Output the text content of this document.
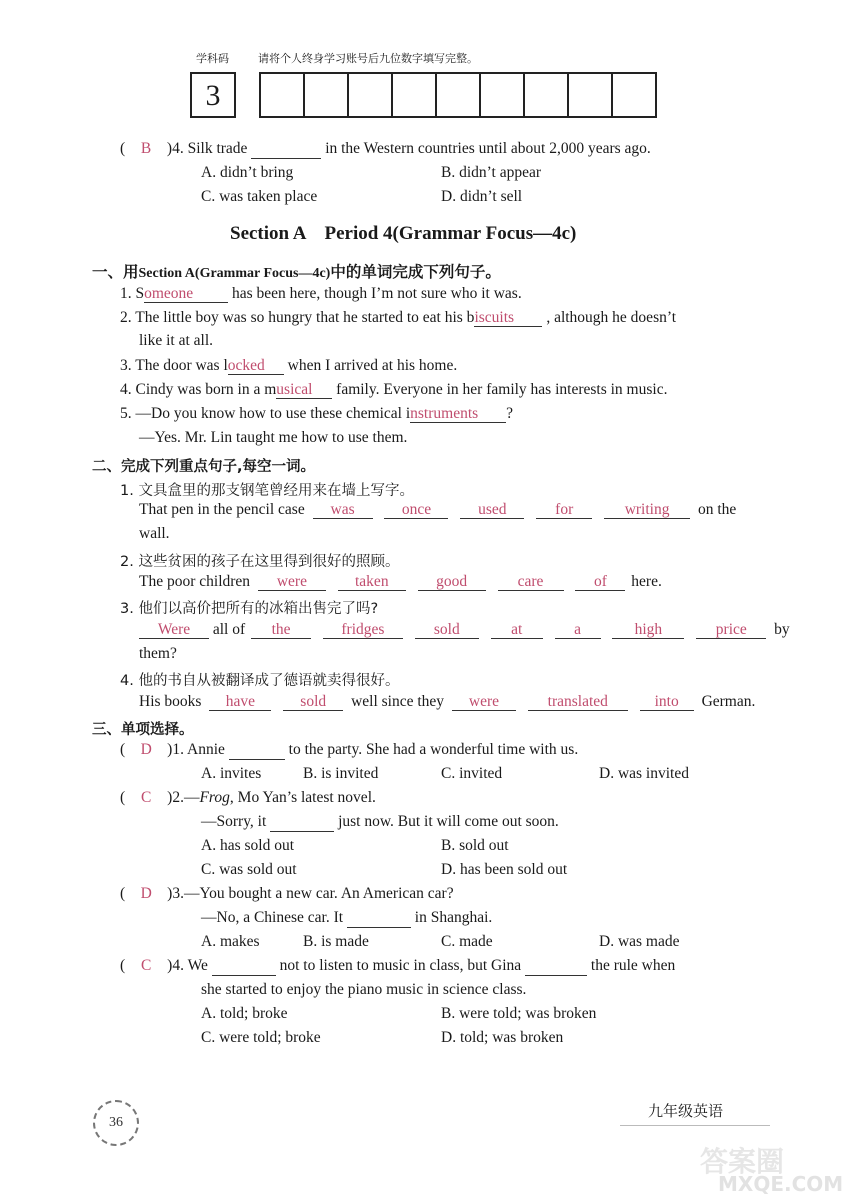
学科码	请将个人终身学习账号后九位数字填写完整。
3
( B )4. Silk trade	in the Western countries until about 2,000 years ago.
A. didn’t bring	B. didn’t appear
C. was taken place	D. didn’t sell
Section A    Period 4(Grammar Focus—4c)
一、用Section A(Grammar Focus—4c)中的单词完成下列句子。
1. Someone	has been here, though I’m not sure who it was.
2. The little boy was so hungry that he started to eat his biscuits , although he doesn’t
like it at all.
3. The door was locked when I arrived at his home.
4. Cindy was born in a musical family. Everyone in her family has interests in music.
5. —Do you know how to use these chemical instruments ?
—Yes. Mr. Lin taught me how to use them.
二、完成下列重点句子,每空一词。
1. 文具盒里的那支钢笔曾经用来在墙上写字。
That pen in the pencil case was	once	used	for	writing on the
wall.
2. 这些贫困的孩子在这里得到很好的照顾。
The poor children were	taken	good	care	of here.
3. 他们以高价把所有的冰箱出售完了吗?
Were all of the	fridges	sold	at	a	high	price by
them?
4. 他的书自从被翻译成了德语就卖得很好。
His books have	sold well since they were	translated	into German.
三、单项选择。
( D )1. Annie	to the party. She had a wonderful time with us.
A. invites	B. is invited	C. invited	D. was invited
( C )2.—Frog, Mo Yan’s latest novel.
—Sorry, it	just now. But it will come out soon.
A. has sold out	B. sold out
C. was sold out	D. has been sold out
( D )3.—You bought a new car. An American car?
—No, a Chinese car. It	in Shanghai.
A. makes	B. is made	C. made	D. was made
( C )4. We	not to listen to music in class, but Gina	the rule when
she started to enjoy the piano music in science class.
A. told; broke	B. were told; was broken
C. were told; broke	D. told; was broken
36
九年级英语
答案圈
MXQE.COM
